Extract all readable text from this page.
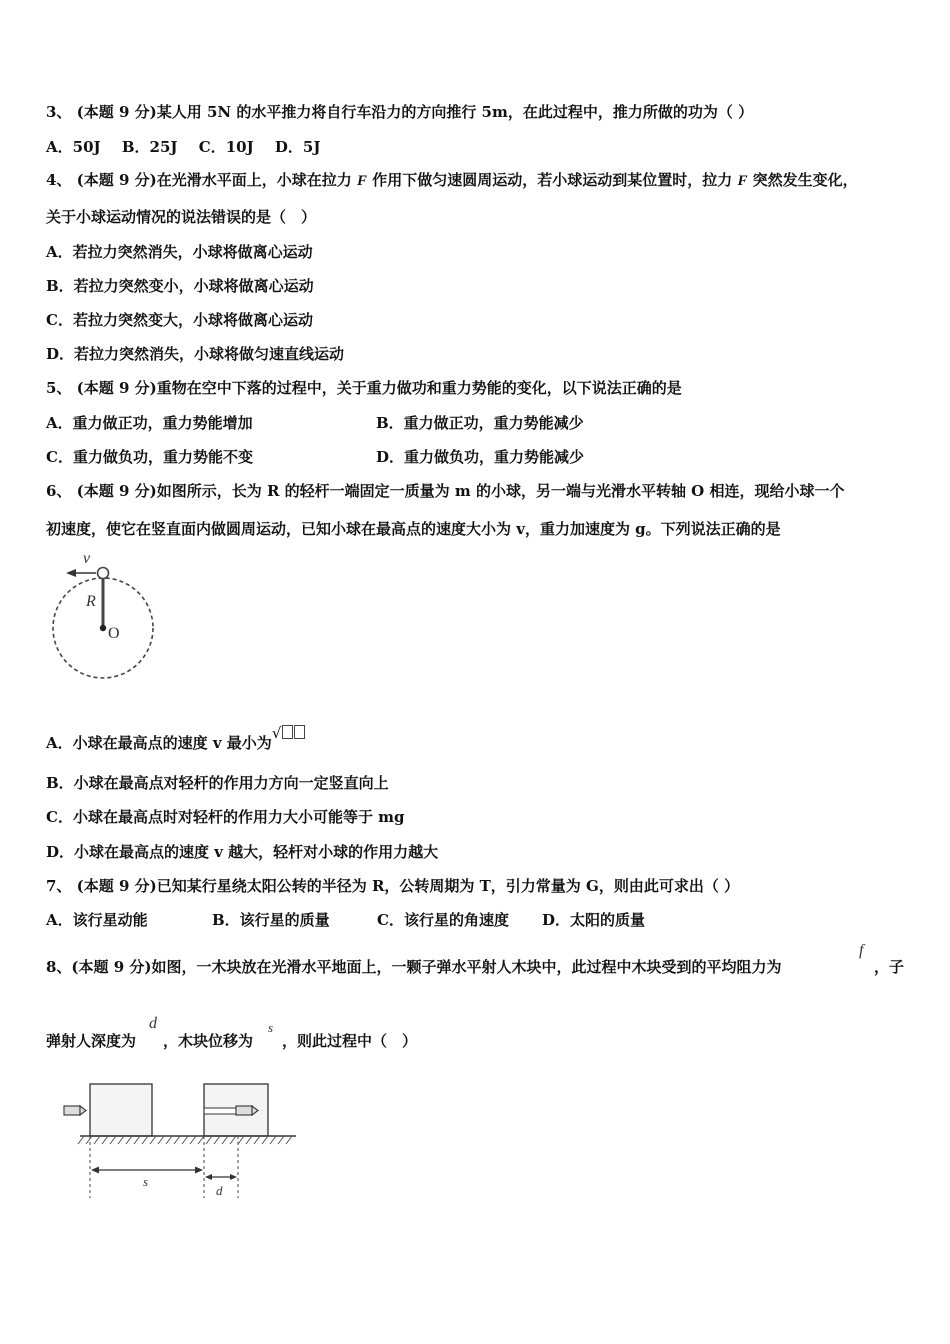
3、 (本题 9 分)某人用 5N 的水平推力将自行车沿力的方向推行 5m，在此过程中，推力所做的功为（ ）
A．50J B．25J C．10J D．5J
4、 (本题 9 分)在光滑水平面上，小球在拉力 F 作用下做匀速圆周运动，若小球运动到某位置时，拉力 F 突然发生变化，
关于小球运动情况的说法错误的是（　）
A．若拉力突然消失，小球将做离心运动
B．若拉力突然变小，小球将做离心运动
C．若拉力突然变大，小球将做离心运动
D．若拉力突然消失，小球将做匀速直线运动
5、 (本题 9 分)重物在空中下落的过程中，关于重力做功和重力势能的变化，以下说法正确的是
A．重力做正功，重力势能增加	B．重力做正功，重力势能减少
C．重力做负功，重力势能不变	D．重力做负功，重力势能减少
6、 (本题 9 分)如图所示，长为 R 的轻杆一端固定一质量为 m 的小球，另一端与光滑水平转轴 O 相连，现给小球一个
初速度，使它在竖直面内做圆周运动，已知小球在最高点的速度大小为 v，重力加速度为 g。下列说法正确的是
v
R
O
A．小球在最高点的速度 v 最小为√
B．小球在最高点对轻杆的作用力方向一定竖直向上
C．小球在最高点时对轻杆的作用力大小可能等于 mg
D．小球在最高点的速度 v 越大，轻杆对小球的作用力越大
7、 (本题 9 分)已知某行星绕太阳公转的半径为 R，公转周期为 T，引力常量为 G，则由此可求出（ ）
A．该行星动能	B．该行星的质量	C．该行星的角速度 D．太阳的质量
8、(本题 9 分)如图，一木块放在光滑水平地面上，一颗子弹水平射人木块中，此过程中木块受到的平均阻力为
f
，子
弹射人深度为
d
，木块位移为
s
，则此过程中（　）
s
d
